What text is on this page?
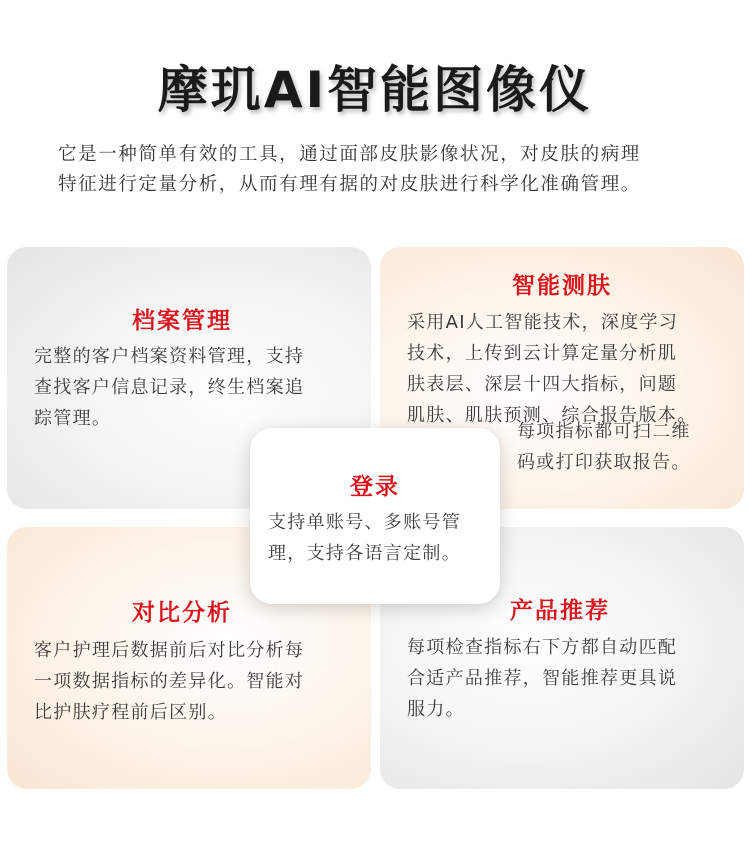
摩玑AI智能图像仪

它是一种简单有效的工具，通过面部皮肤影像状况，对皮肤的病理

特征进行定量分析，从而有理有据的对皮肤进行科学化准确管理。

档案管理

完整的客户档案资料管理，支持

查找客户信息记录，终生档案追

踪管理。

智能测肤

采用AI人工智能技术，深度学习

技术，上传到云计算定量分析肌

肤表层、深层十四大指标，问题

肌肤、肌肤预测、综合报告版本。

每项指标都可扫二维

码或打印获取报告。

对比分析

客户护理后数据前后对比分析每

一项数据指标的差异化。智能对

比护肤疗程前后区别。

产品推荐

每项检查指标右下方都自动匹配

合适产品推荐，智能推荐更具说

服力。

登录

支持单账号、多账号管

理，支持各语言定制。
